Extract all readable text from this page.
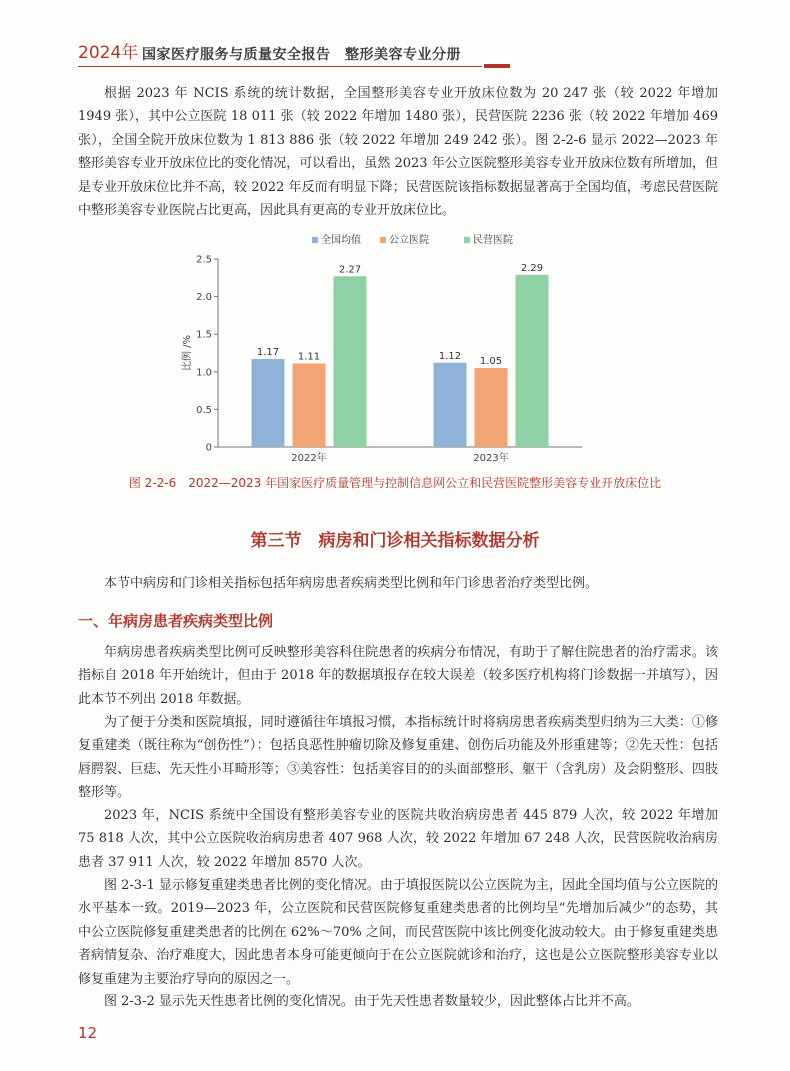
2024年 国家医疗服务与质量安全报告　整形美容专业分册

根据 2023 年 NCIS 系统的统计数据，全国整形美容专业开放床位数为 20 247 张（较 2022 年增加 1949 张），其中公立医院 18 011 张（较 2022 年增加 1480 张），民营医院 2236 张（较 2022 年增加 469 张），全国全院开放床位数为 1 813 886 张（较 2022 年增加 249 242 张）。图 2-2-6 显示 2022—2023 年整形美容专业开放床位比的变化情况，可以看出，虽然 2023 年公立医院整形美容专业开放床位数有所增加，但是专业开放床位比并不高，较 2022 年反而有明显下降；民营医院该指标数据显著高于全国均值，考虑民营医院中整形美容专业医院占比更高，因此具有更高的专业开放床位比。

0
0.5
1.0
1.5
2.0
2.5
比例 /%
全国均值	公立医院	民营医院
1.17 1.11
2.27
2022年
1.12 1.05
2.29
2023年
图 2-2-6　2022—2023 年国家医疗质量管理与控制信息网公立和民营医院整形美容专业开放床位比
第三节　病房和门诊相关指标数据分析

本节中病房和门诊相关指标包括年病房患者疾病类型比例和年门诊患者治疗类型比例。

一、年病房患者疾病类型比例

年病房患者疾病类型比例可反映整形美容科住院患者的疾病分布情况，有助于了解住院患者的治疗需求。该指标自 2018 年开始统计，但由于 2018 年的数据填报存在较大误差（较多医疗机构将门诊数据一并填写），因此本节不列出 2018 年数据。

为了便于分类和医院填报，同时遵循往年填报习惯，本指标统计时将病房患者疾病类型归纳为三大类：①修复重建类（既往称为“创伤性”）：包括良恶性肿瘤切除及修复重建、创伤后功能及外形重建等；②先天性：包括唇腭裂、巨痣、先天性小耳畸形等；③美容性：包括美容目的的头面部整形、躯干（含乳房）及会阴整形、四肢整形等。

2023 年，NCIS 系统中全国设有整形美容专业的医院共收治病房患者 445 879 人次，较 2022 年增加 75 818 人次，其中公立医院收治病房患者 407 968 人次，较 2022 年增加 67 248 人次，民营医院收治病房患者 37 911 人次，较 2022 年增加 8570 人次。

图 2-3-1 显示修复重建类患者比例的变化情况。由于填报医院以公立医院为主，因此全国均值与公立医院的水平基本一致。2019—2023 年，公立医院和民营医院修复重建类患者的比例均呈“先增加后减少”的态势，其中公立医院修复重建类患者的比例在 62%～70% 之间，而民营医院中该比例变化波动较大。由于修复重建类患者病情复杂、治疗难度大，因此患者本身可能更倾向于在公立医院就诊和治疗，这也是公立医院整形美容专业以修复重建为主要治疗导向的原因之一。

图 2-3-2 显示先天性患者比例的变化情况。由于先天性患者数量较少，因此整体占比并不高。

12
